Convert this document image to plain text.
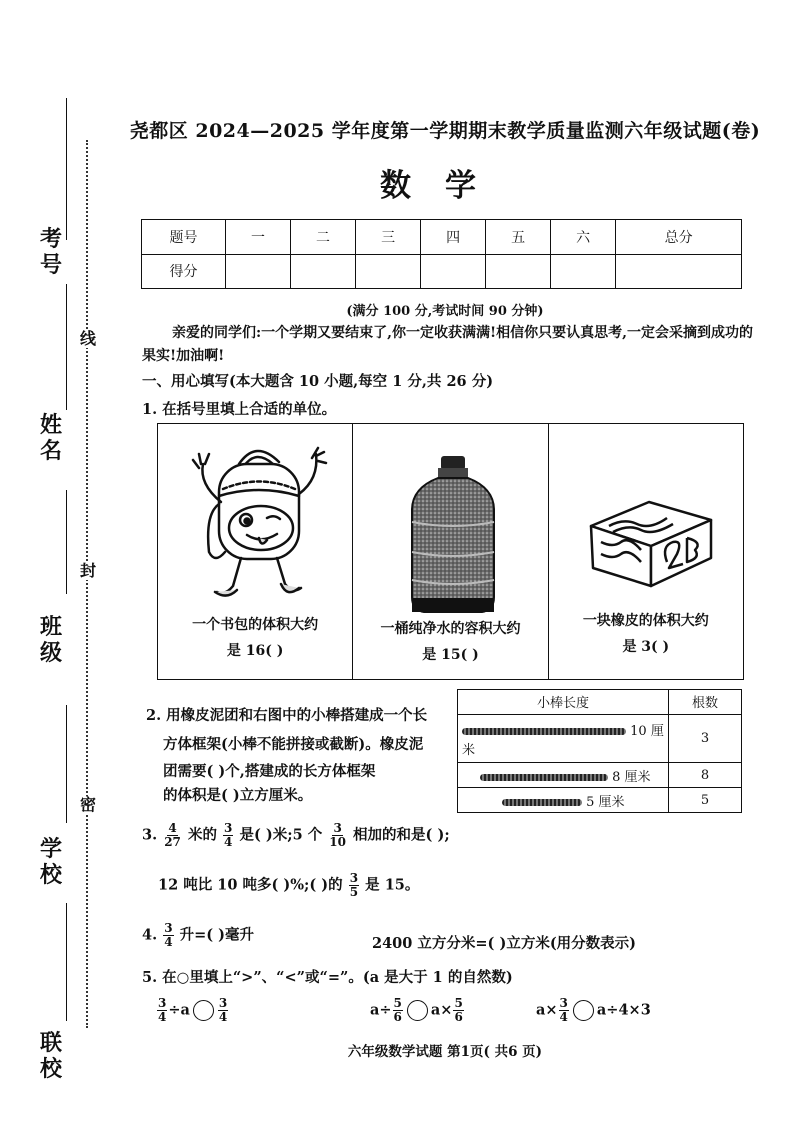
考号
姓名
班级
学校
联校
线
封
密
尧都区 2024—2025 学年度第一学期期末教学质量监测六年级试题(卷)
数学
题号	一	二	三	四	五	六	总分
得分							
(满分 100 分,考试时间 90 分钟)
亲爱的同学们:一个学期又要结束了,你一定收获满满!相信你只要认真思考,一定会采摘到成功的果实!加油啊!
一、用心填写(本大题含 10 小题,每空 1 分,共 26 分)
1. 在括号里填上合适的单位。
一个书包的体积大约
是 16( )
一桶纯净水的容积大约
是 15( )
一块橡皮的体积大约
是 3( )
2. 用橡皮泥团和右图中的小棒搭建成一个长
方体框架(小棒不能拼接或截断)。橡皮泥
团需要( )个,搭建成的长方体框架
的体积是( )立方厘米。
小棒长度	根数
10 厘米	3
8 厘米	8
5 厘米	5
3. $\frac{4}{27}$ 米的 $\frac{3}{4}$ 是( )米;5 个 $\frac{3}{10}$ 相加的和是( );
12 吨比 10 吨多( )%;( )的 $\frac{3}{5}$ 是 15。
4. $\frac{3}{4}$ 升=( )毫升	2400 立方分米=( )立方米(用分数表示)
5. 在○里填上“>”、“<”或“=”。(a 是大于 1 的自然数)
$\frac{3}{4} \div a \frac{3}{4}$	$a\div \frac{5}{6} a\times \frac{5}{6}$	$a\times \frac{3}{4} a\div 4\times 3$
六年级数学试题 第1页( 共6 页)
